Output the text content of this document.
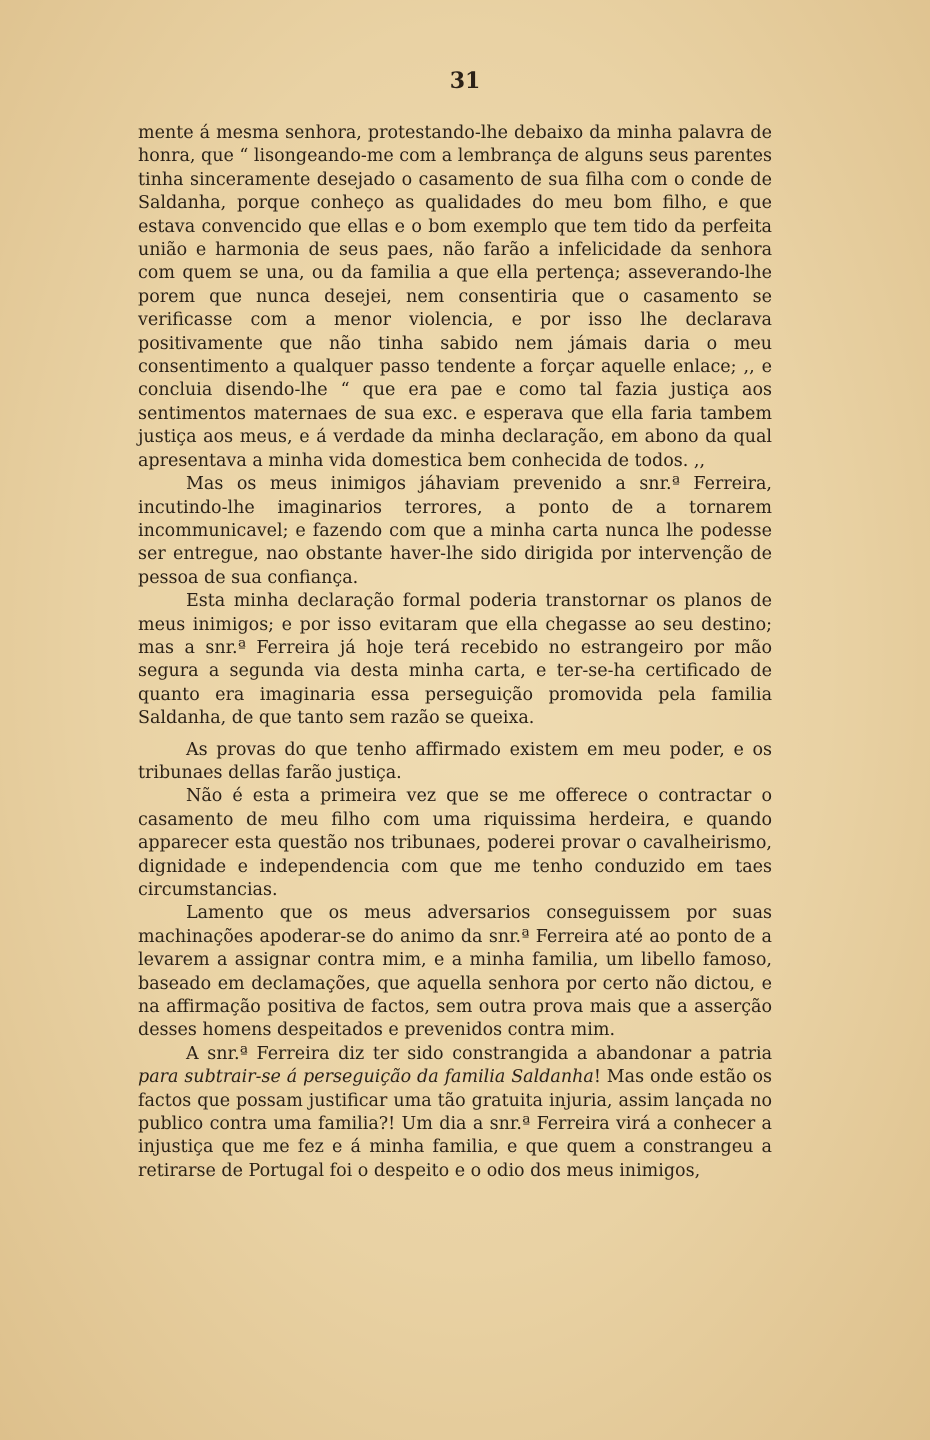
31

mente á mesma senhora, protestando-lhe debaixo da minha palavra de honra, que “ lisongeando-me com a lembrança de alguns seus parentes tinha sinceramente desejado o casamento de sua filha com o conde de Saldanha, porque conheço as qualidades do meu bom filho, e que estava convencido que ellas e o bom exemplo que tem tido da perfeita união e harmonia de seus paes, não farão a infelicidade da senhora com quem se una, ou da familia a que ella pertença; asseverando-lhe porem que nunca desejei, nem consentiria que o casamento se verificasse com a menor violencia, e por isso lhe declarava positivamente que não tinha sabido nem jámais daria o meu consentimento a qualquer passo tendente a forçar aquelle enlace; ,, e concluia disendo-lhe “ que era pae e como tal fazia justiça aos sentimentos maternaes de sua exc. e esperava que ella faria tambem justiça aos meus, e á verdade da minha declaração, em abono da qual apresentava a minha vida domestica bem conhecida de todos. ,,

Mas os meus inimigos jáhaviam prevenido a snr.ª Ferreira, incutindo-lhe imaginarios terrores, a ponto de a tornarem incommunicavel; e fazendo com que a minha carta nunca lhe podesse ser entregue, nao obstante haver-lhe sido dirigida por intervenção de pessoa de sua confiança.

Esta minha declaração formal poderia transtornar os planos de meus inimigos; e por isso evitaram que ella chegasse ao seu destino; mas a snr.ª Ferreira já hoje terá recebido no estrangeiro por mão segura a segunda via desta minha carta, e ter-se-ha certificado de quanto era imaginaria essa perseguição promovida pela familia Saldanha, de que tanto sem razão se queixa.

As provas do que tenho affirmado existem em meu poder, e os tribunaes dellas farão justiça.

Não é esta a primeira vez que se me offerece o contractar o casamento de meu filho com uma riquissima herdeira, e quando apparecer esta questão nos tribunaes, poderei provar o cavalheirismo, dignidade e independencia com que me tenho conduzido em taes circumstancias.

Lamento que os meus adversarios conseguissem por suas machinações apoderar-se do animo da snr.ª Ferreira até ao ponto de a levarem a assignar contra mim, e a minha familia, um libello famoso, baseado em declamações, que aquella senhora por certo não dictou, e na affirmação positiva de factos, sem outra prova mais que a asserção desses homens despeitados e prevenidos contra mim.

A snr.ª Ferreira diz ter sido constrangida a abandonar a patria para subtrair-se á perseguição da familia Saldanha! Mas onde estão os factos que possam justificar uma tão gratuita injuria, assim lançada no publico contra uma familia?! Um dia a snr.ª Ferreira virá a conhecer a injustiça que me fez e á minha familia, e que quem a constrangeu a retirarse de Portugal foi o despeito e o odio dos meus inimigos,
